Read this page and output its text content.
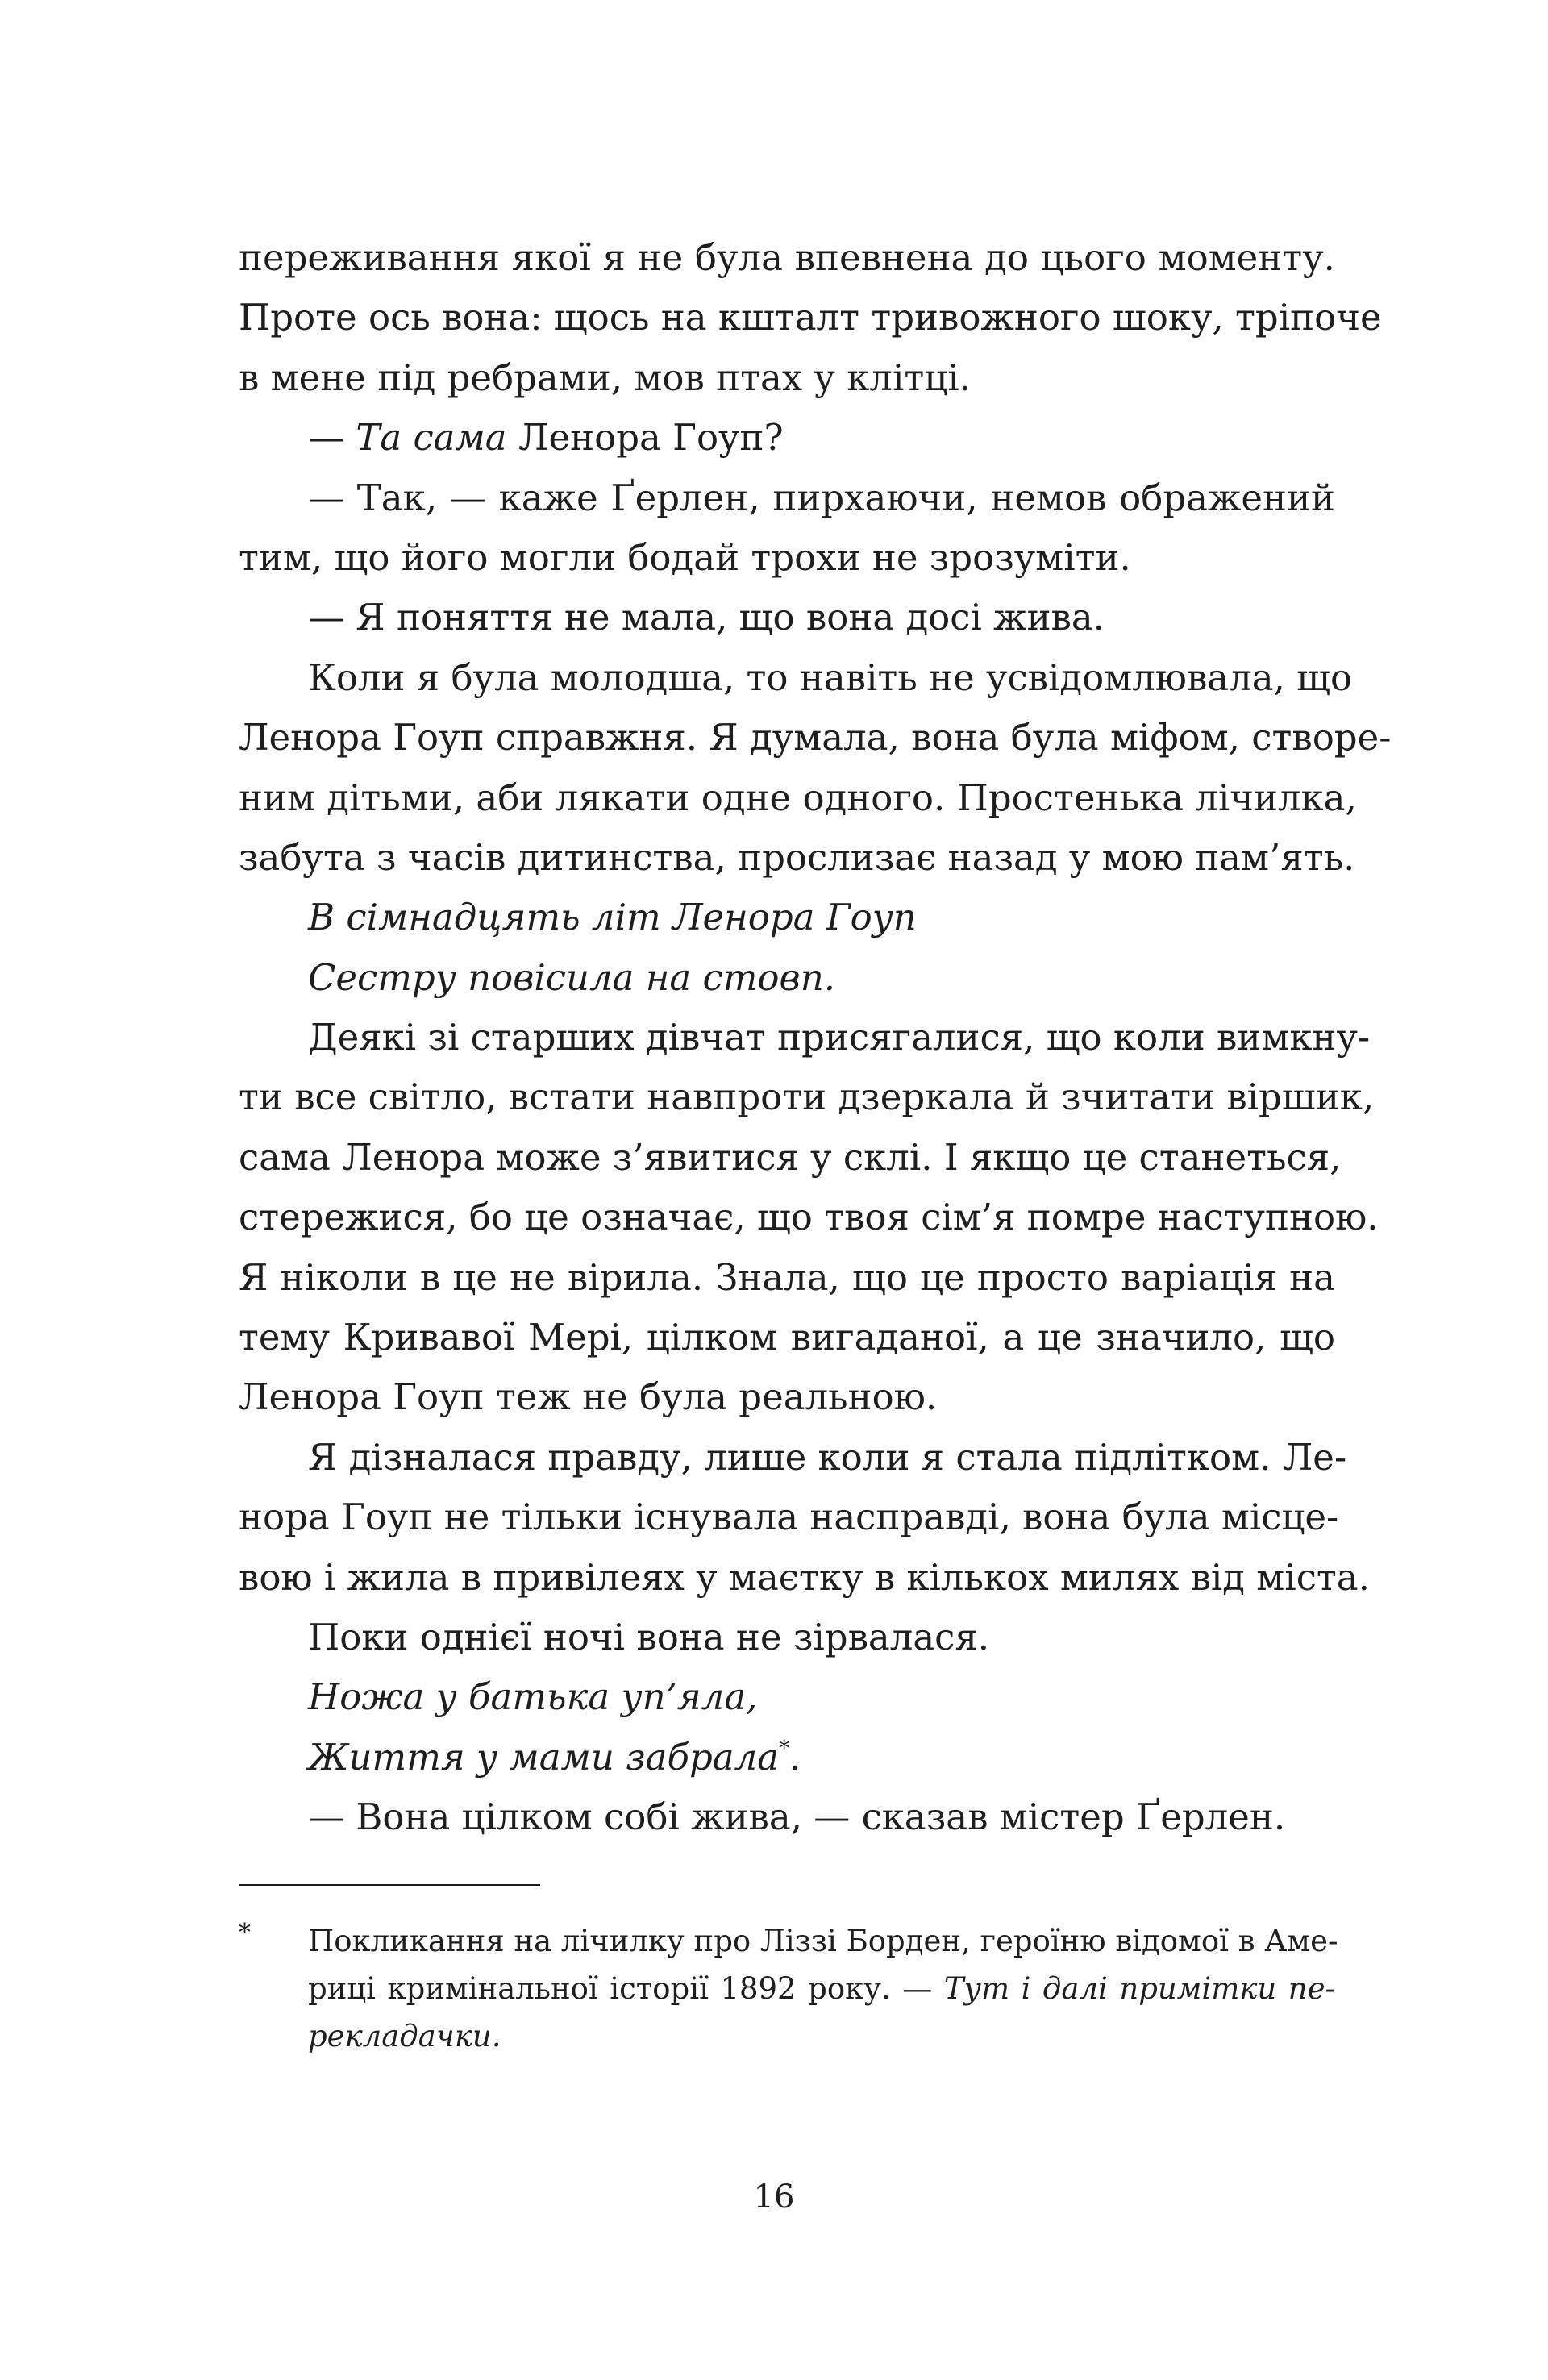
переживання якої я не була впевнена до цього моменту.
Проте ось вона: щось на кшталт тривожного шоку, тріпоче
в мене під ребрами, мов птах у клітці.
— Та сама Ленора Гоуп?
— Так, — каже Ґерлен, пирхаючи, немов ображений
тим, що його могли бодай трохи не зрозуміти.
— Я поняття не мала, що вона досі жива.
Коли я була молодша, то навіть не усвідомлювала, що
Ленора Гоуп справжня. Я думала, вона була міфом, створе-
ним дітьми, аби лякати одне одного. Простенька лічилка,
забута з часів дитинства, прослизає назад у мою пам’ять.
В сімнадцять літ Ленора Гоуп
Сестру повісила на стовп.
Деякі зі старших дівчат присягалися, що коли вимкну-
ти все світло, встати навпроти дзеркала й зчитати віршик,
сама Ленора може з’явитися у склі. І якщо це станеться,
стережися, бо це означає, що твоя сім’я помре наступною.
Я ніколи в це не вірила. Знала, що це просто варіація на
тему Кривавої Мері, цілком вигаданої, а це значило, що
Ленора Гоуп теж не була реальною.
Я дізналася правду, лише коли я стала підлітком. Ле-
нора Гоуп не тільки існувала насправді, вона була місце-
вою і жила в привілеях у маєтку в кількох милях від міста.
Поки однієї ночі вона не зірвалася.
Ножа у батька уп’яла,
Життя у мами забрала*.
— Вона цілком собі жива, — сказав містер Ґерлен.
* Покликання на лічилку про Ліззі Борден, героїню відомої в Аме-
риці кримінальної історії 1892 року. — Тут і далі примітки пе-
рекладачки.
16
